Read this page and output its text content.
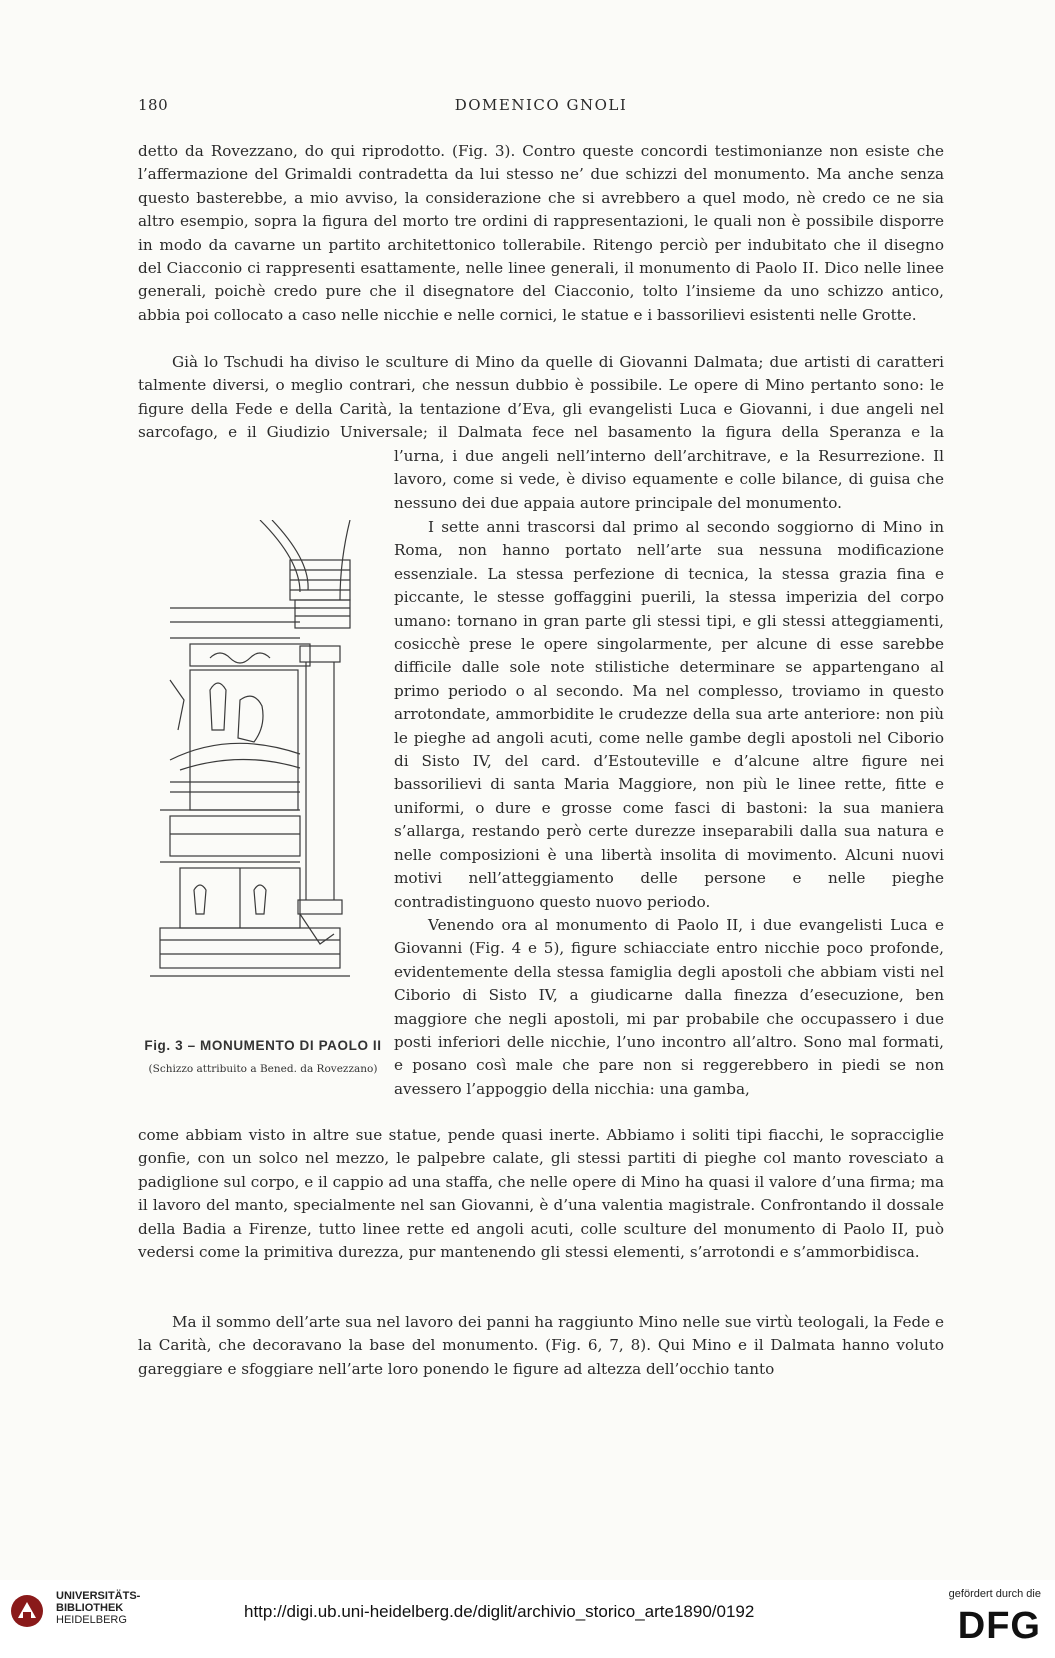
180	DOMENICO GNOLI

detto da Rovezzano, do qui riprodotto. (Fig. 3). Contro queste concordi testimonianze non esiste che l’affermazione del Grimaldi contradetta da lui stesso ne’ due schizzi del monumento. Ma anche senza questo basterebbe, a mio avviso, la considerazione che si avrebbero a quel modo, nè credo ce ne sia altro esempio, sopra la figura del morto tre ordini di rappresentazioni, le quali non è possibile disporre in modo da cavarne un partito architettonico tollerabile. Ritengo perciò per indubitato che il disegno del Ciacconio ci rappresenti esattamente, nelle linee generali, il monumento di Paolo II. Dico nelle linee generali, poichè credo pure che il disegnatore del Ciacconio, tolto l’insieme da uno schizzo antico, abbia poi collocato a caso nelle nicchie e nelle cornici, le statue e i bassorilievi esistenti nelle Grotte.

Già lo Tschudi ha diviso le sculture di Mino da quelle di Giovanni Dalmata; due artisti di caratteri talmente diversi, o meglio contrari, che nessun dubbio è possibile. Le opere di Mino pertanto sono: le figure della Fede e della Carità, la tentazione d’Eva, gli evangelisti Luca e Giovanni, i due angeli nel sarcofago, e il Giudizio Universale; il Dalmata fece nel basamento la figura della Speranza e la

l’urna, i due angeli nell’interno dell’architrave, e la Resurrezione. Il lavoro, come si vede, è diviso equamente e colle bilance, di guisa che nessuno dei due appaia autore principale del monumento.

I sette anni trascorsi dal primo al secondo soggiorno di Mino in Roma, non hanno portato nell’arte sua nessuna modificazione essenziale. La stessa perfezione di tecnica, la stessa grazia fina e piccante, le stesse goffaggini puerili, la stessa imperizia del corpo umano: tornano in gran parte gli stessi tipi, e gli stessi atteggiamenti, cosicchè prese le opere singolarmente, per alcune di esse sarebbe difficile dalle sole note stilistiche determinare se appartengano al primo periodo o al secondo. Ma nel complesso, troviamo in questo arrotondate, ammorbidite le crudezze della sua arte anteriore: non più le pieghe ad angoli acuti, come nelle gambe degli apostoli nel Ciborio di Sisto IV, del card. d’Estouteville e d’alcune altre figure nei bassorilievi di santa Maria Maggiore, non più le linee rette, fitte e uniformi, o dure e grosse come fasci di bastoni: la sua maniera s’allarga, restando però certe durezze inseparabili dalla sua natura e nelle composizioni è una libertà insolita di movimento. Alcuni nuovi motivi nell’atteggiamento delle persone e nelle pieghe contradistinguono questo nuovo periodo.

Venendo ora al monumento di Paolo II, i due evangelisti Luca e Giovanni (Fig. 4 e 5), figure schiacciate entro nicchie poco profonde, evidentemente della stessa famiglia degli apostoli che abbiam visti nel Ciborio di Sisto IV, a giudicarne dalla finezza d’esecuzione, ben maggiore che negli apostoli, mi par probabile che occupassero i due posti inferiori delle nicchie, l’uno incontro all’altro. Sono mal formati, e posano così male che pare non si reggerebbero in piedi se non avessero l’appoggio della nicchia: una gamba,

come abbiam visto in altre sue statue, pende quasi inerte. Abbiamo i soliti tipi fiacchi, le sopracciglie gonfie, con un solco nel mezzo, le palpebre calate, gli stessi partiti di pieghe col manto rovesciato a padiglione sul corpo, e il cappio ad una staffa, che nelle opere di Mino ha quasi il valore d’una firma; ma il lavoro del manto, specialmente nel san Giovanni, è d’una valentia magistrale. Confrontando il dossale della Badia a Firenze, tutto linee rette ed angoli acuti, colle sculture del monumento di Paolo II, può vedersi come la primitiva durezza, pur mantenendo gli stessi elementi, s’arrotondi e s’ammorbidisca.

Ma il sommo dell’arte sua nel lavoro dei panni ha raggiunto Mino nelle sue virtù teologali, la Fede e la Carità, che decoravano la base del monumento. (Fig. 6, 7, 8). Qui Mino e il Dalmata hanno voluto gareggiare e sfoggiare nell’arte loro ponendo le figure ad altezza dell’occhio tanto

Fig. 3 – MONUMENTO DI PAOLO II
(Schizzo attribuito a Bened. da Rovezzano)
UNIVERSITÄTS-
BIBLIOTHEK
HEIDELBERG	http://digi.ub.uni-heidelberg.de/diglit/archivio_storico_arte1890/0192
gefördert durch die
DFG
